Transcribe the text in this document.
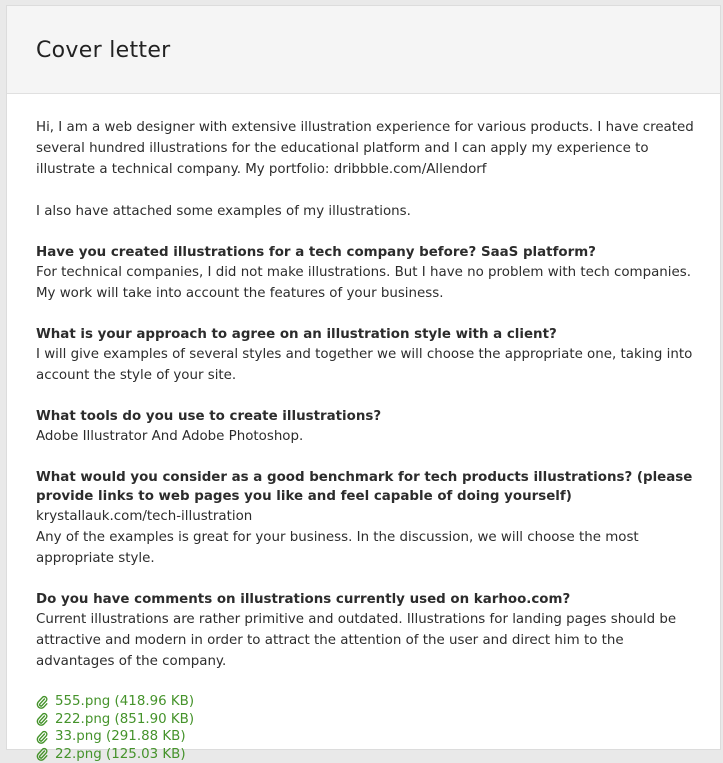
Cover letter

Hi, I am a web designer with extensive illustration experience for various products. I have created several hundred illustrations for the educational platform and I can apply my experience to illustrate a technical company. My portfolio: dribbble.com/Allendorf

I also have attached some examples of my illustrations.

Have you created illustrations for a tech company before? SaaS platform?

For technical companies, I did not make illustrations. But I have no problem with tech companies. My work will take into account the features of your business.

What is your approach to agree on an illustration style with a client?

I will give examples of several styles and together we will choose the appropriate one, taking into account the style of your site.

What tools do you use to create illustrations?

Adobe Illustrator And Adobe Photoshop.

What would you consider as a good benchmark for tech products illustrations? (please provide links to web pages you like and feel capable of doing yourself)

krystallauk.com/tech-illustration

Any of the examples is great for your business. In the discussion, we will choose the most appropriate style.

Do you have comments on illustrations currently used on karhoo.com?

Current illustrations are rather primitive and outdated. Illustrations for landing pages should be attractive and modern in order to attract the attention of the user and direct him to the advantages of the company.

555.png (418.96 KB)
222.png (851.90 KB)
33.png (291.88 KB)
22.png (125.03 KB)
